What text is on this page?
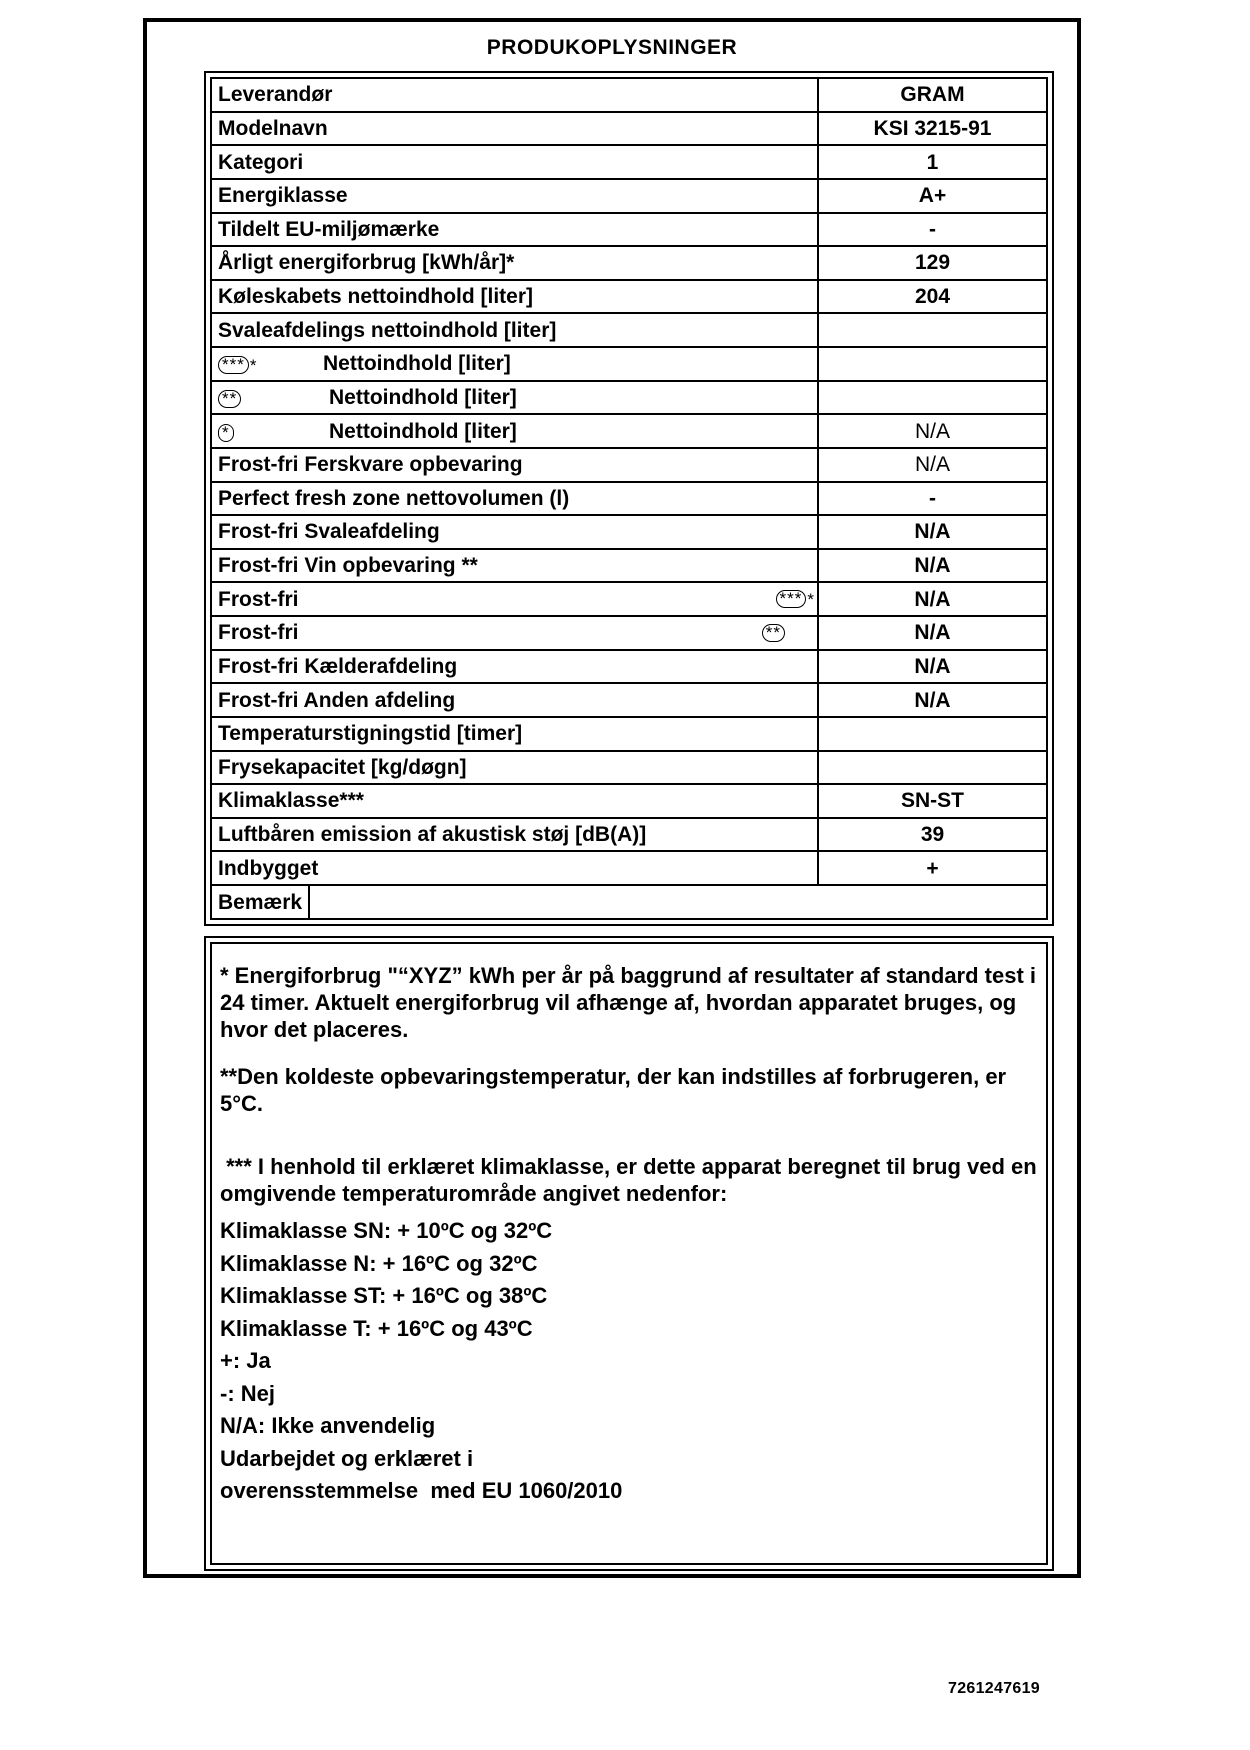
PRODUKOPLYSNINGER
Leverandør	GRAM
Modelnavn	KSI 3215-91
Kategori	1
Energiklasse	A+
Tildelt EU-miljømærke	-
Årligt energiforbrug [kWh/år]*	129
Køleskabets nettoindhold [liter]	204
Svaleafdelings nettoindhold [liter]	

*** * Nettoindhold [liter]	

** Nettoindhold [liter]	

* Nettoindhold [liter]	N/A
Frost-fri Ferskvare opbevaring	N/A
Perfect fresh zone nettovolumen (l)	-
Frost-fri Svaleafdeling	N/A
Frost-fri Vin opbevaring **	N/A

Frost-fri *** *	N/A

Frost-fri **	N/A
Frost-fri Kælderafdeling	N/A
Frost-fri Anden afdeling	N/A
Temperaturstigningstid [timer]	
Frysekapacitet [kg/døgn]	
Klimaklasse***	SN-ST
Luftbåren emission af akustisk støj [dB(A)]	39
Indbygget	+

Bemærk	

* Energiforbrug "“XYZ” kWh per år på baggrund af resultater af standard test i 24 timer. Aktuelt energiforbrug vil afhænge af, hvordan apparatet bruges, og hvor det placeres.

**Den koldeste opbevaringstemperatur, der kan indstilles af forbrugeren, er 5°C.

*** I henhold til erklæret klimaklasse, er dette apparat beregnet til brug ved en omgivende temperaturområde angivet nedenfor:

Klimaklasse SN: + 10ºC og 32ºC

Klimaklasse N: + 16ºC og 32ºC

Klimaklasse ST: + 16ºC og 38ºC

Klimaklasse T: + 16ºC og 43ºC

+: Ja

-: Nej

N/A: Ikke anvendelig

Udarbejdet og erklæret i

overensstemmelse  med EU 1060/2010

7261247619
